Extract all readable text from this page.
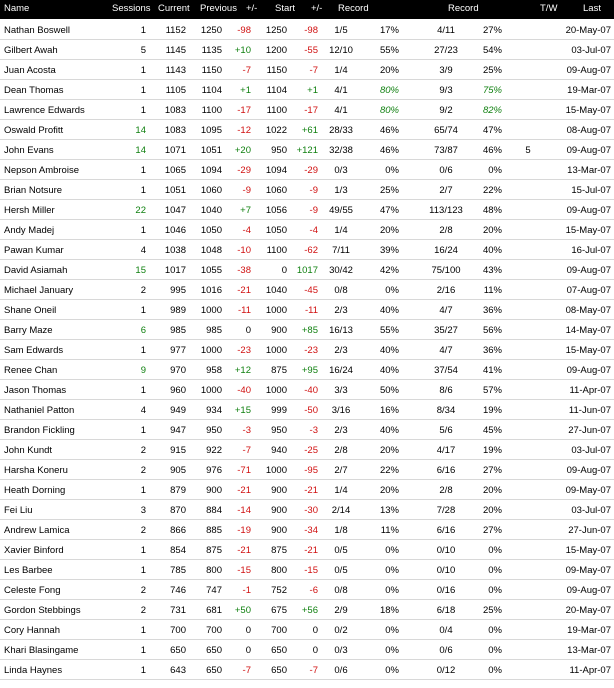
Name	Sessions Current Previous +/- Start +/- Record	Record	T/W	Last
Nathan Boswell	1 1152 1250 -98 1250 -98	1/5	17%	4/11	27%	20-May-07
Gilbert Awah	5 1145 1135 +10 1200 -55	12/10	55%	27/23	54%	03-Jul-07
Juan Acosta	1 1143 1150 -7 1150 -7	1/4	20%	3/9	25%	09-Aug-07
Dean Thomas	1 1105 1104 +1 1104 +1	4/1	80%	9/3	75%	19-Mar-07
Lawrence Edwards	1 1083 1100 -17 1100 -17	4/1	80%	9/2	82%	15-May-07
Oswald Profitt	14 1083 1095 -12 1022 +61	28/33	46%	65/74	47%	08-Aug-07
John Evans	14 1071 1051 +20 950 +121	32/38	46%	73/87	46%	5	09-Aug-07
Nepson Ambroise	1 1065 1094 -29 1094 -29	0/3	0%	0/6	0%	13-Mar-07
Brian Notsure	1 1051 1060 -9 1060 -9	1/3	25%	2/7	22%	15-Jul-07
Hersh Miller	22 1047 1040 +7 1056 -9	49/55	47%	113/123	48%	09-Aug-07
Andy Madej	1 1046 1050 -4 1050 -4	1/4	20%	2/8	20%	15-May-07
Pawan Kumar	4 1038 1048 -10 1100 -62	7/11	39%	16/24	40%	16-Jul-07
David Asiamah	15 1017 1055 -38	0 1017	30/42	42%	75/100	43%	09-Aug-07
Michael January	2	995 1016 -21 1040 -45	0/8	0%	2/16	11%	07-Aug-07
Shane Oneil	1	989 1000 -11 1000 -11	2/3	40%	4/7	36%	08-May-07
Barry Maze	6	985 985 0 900 +85	16/13	55%	35/27	56%	14-May-07
Sam Edwards	1	977 1000 -23 1000 -23	2/3	40%	4/7	36%	15-May-07
Renee Chan	9	970 958 +12 875 +95	16/24	40%	37/54	41%	09-Aug-07
Jason Thomas	1	960 1000 -40 1000 -40	3/3	50%	8/6	57%	11-Apr-07
Nathaniel Patton	4	949 934 +15 999 -50	3/16	16%	8/34	19%	11-Jun-07
Brandon Fickling	1	947 950 -3 950 -3	2/3	40%	5/6	45%	27-Jun-07
John Kundt	2	915 922 -7 940 -25	2/8	20%	4/17	19%	03-Jul-07
Harsha Koneru	2	905 976 -71 1000 -95	2/7	22%	6/16	27%	09-Aug-07
Heath Dorning	1	879 900 -21 900 -21	1/4	20%	2/8	20%	09-May-07
Fei Liu	3	870 884 -14 900 -30	2/14	13%	7/28	20%	03-Jul-07
Andrew Lamica	2	866 885 -19 900 -34	1/8	11%	6/16	27%	27-Jun-07
Xavier Binford	1	854 875 -21 875 -21	0/5	0%	0/10	0%	15-May-07
Les Barbee	1	785 800 -15 800 -15	0/5	0%	0/10	0%	09-May-07
Celeste Fong	2	746 747 -1 752 -6	0/8	0%	0/16	0%	09-Aug-07
Gordon Stebbings	2	731 681 +50 675 +56	2/9	18%	6/18	25%	20-May-07
Cory Hannah	1	700 700 0 700	0	0/2	0%	0/4	0%	19-Mar-07
Khari Blasingame	1	650 650 0 650	0	0/3	0%	0/6	0%	13-Mar-07
Linda Haynes	1	643 650 -7 650 -7	0/6	0%	0/12	0%	11-Apr-07
